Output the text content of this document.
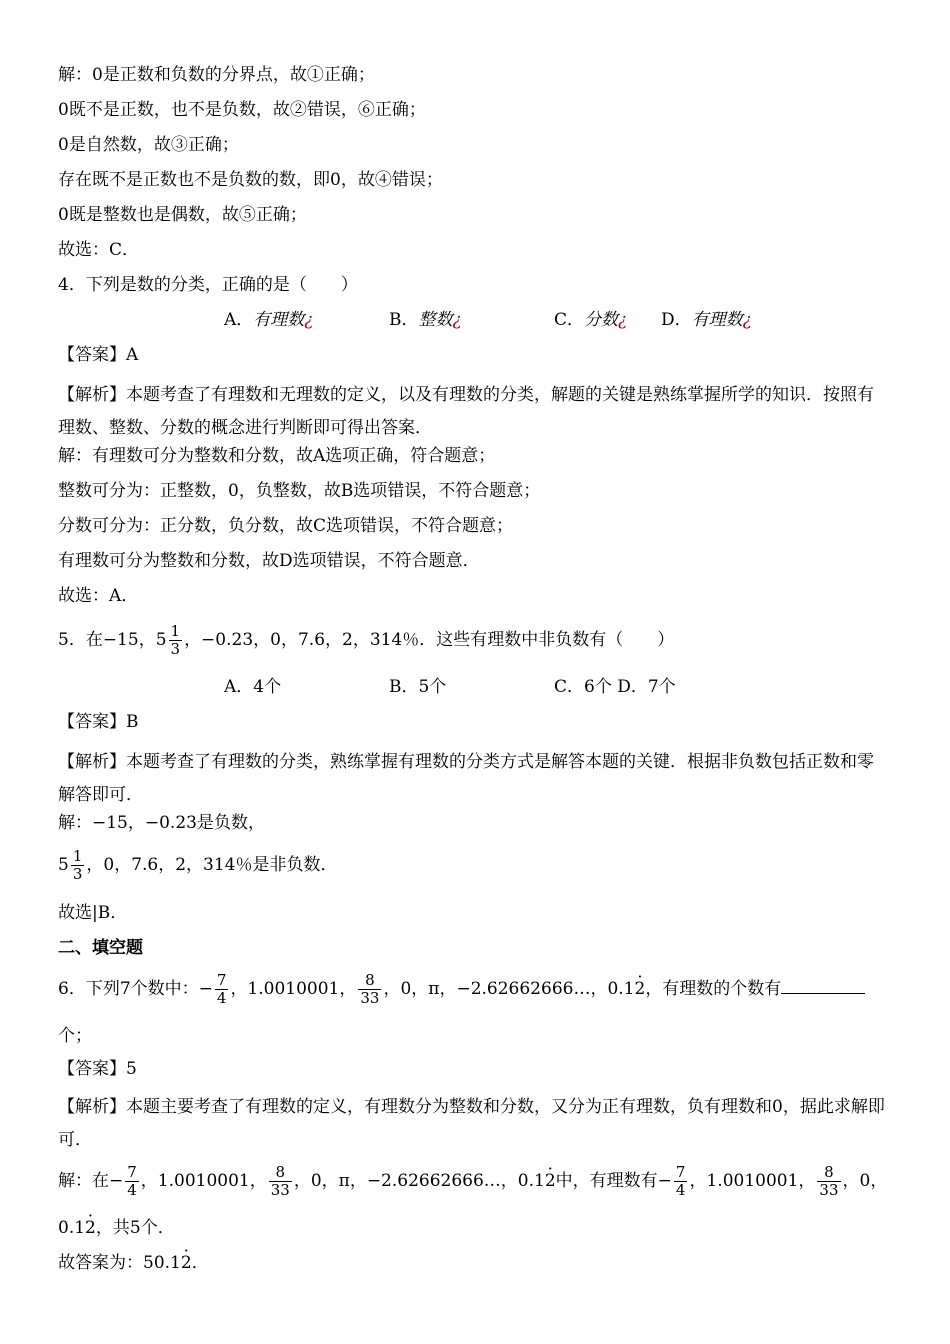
解：0是正数和负数的分界点，故①正确；
0既不是正数，也不是负数，故②错误，⑥正确；
0是自然数，故③正确；
存在既不是正数也不是负数的数，即0，故④错误；
0既是整数也是偶数，故⑤正确；
故选：C．
4．下列是数的分类，正确的是（　　）
A．有理数¿	B．整数¿	C．分数¿ D．有理数¿
【答案】A
【解析】本题考查了有理数和无理数的定义，以及有理数的分类，解题的关键是熟练掌握所学的知识．按照有理数、整数、分数的概念进行判断即可得出答案．
解：有理数可分为整数和分数，故A选项正确，符合题意；
整数可分为：正整数，0，负整数，故B选项错误，不符合题意；
分数可分为：正分数，负分数，故C选项错误，不符合题意；
有理数可分为整数和分数，故D选项错误，不符合题意．
故选：A．
5．在−15，$5 \frac{1}{3}$ ，−0.23，0，7.6，2，314％．这些有理数中非负数有（　　）
A．4个	B．5个	C．6个 D．7个
【答案】B
【解析】本题考查了有理数的分类，熟练掌握有理数的分类方式是解答本题的关键．根据非负数包括正数和零解答即可．
解：−15，−0.23是负数，
$5 \frac{1}{3}$ ，0，7.6，2，314％是非负数．
故选|B．
二、填空题
6．下列7个数中：− $\frac{7}{4}$ ，1.0010001， $\frac{8}{33}$ ，0，π，−2.62662666…，0.1· 2，有理数的个数有
个；
【答案】5
【解析】本题主要考查了有理数的定义，有理数分为整数和分数，又分为正有理数，负有理数和0，据此求解即可．
解：在− $\frac{7}{4}$ ，1.0010001， $\frac{8}{33}$ ，0，π，−2.62662666…，0.1· 2中，有理数有− $\frac{7}{4}$ ，1.0010001， $\frac{8}{33}$ ，0，
0.1· 2，共5个．
故答案为：50.1· 2．
